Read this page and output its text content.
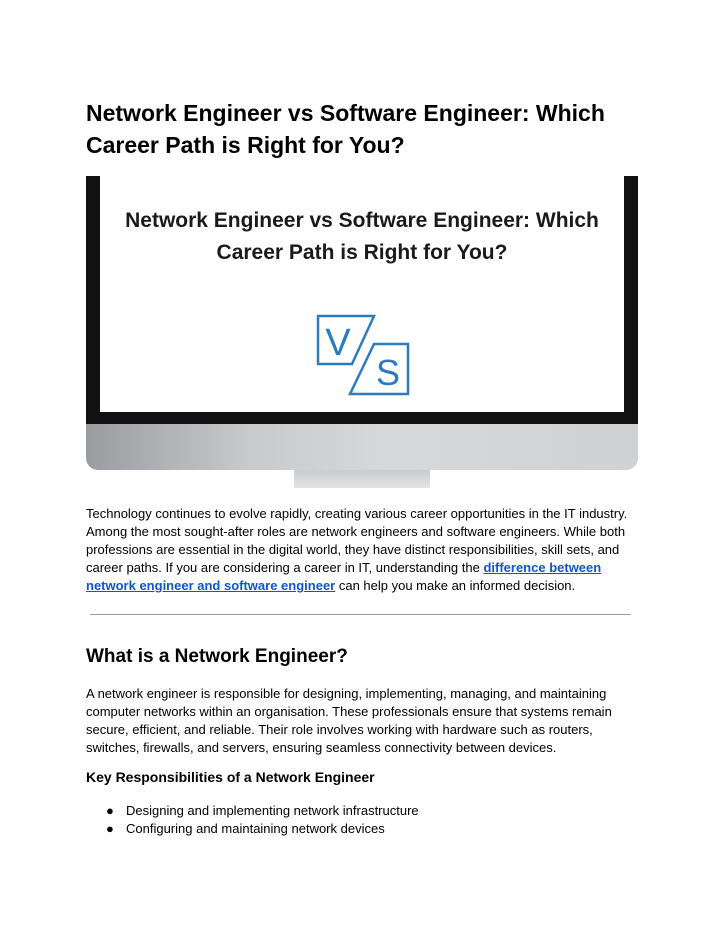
Network Engineer vs Software Engineer: Which Career Path is Right for You?

Network Engineer vs Software Engineer: Which Career Path is Right for You?

V
S

Technology continues to evolve rapidly, creating various career opportunities in the IT industry. Among the most sought-after roles are network engineers and software engineers. While both professions are essential in the digital world, they have distinct responsibilities, skill sets, and career paths. If you are considering a career in IT, understanding the difference between network engineer and software engineer can help you make an informed decision.

What is a Network Engineer?

A network engineer is responsible for designing, implementing, managing, and maintaining computer networks within an organisation. These professionals ensure that systems remain secure, efficient, and reliable. Their role involves working with hardware such as routers, switches, firewalls, and servers, ensuring seamless connectivity between devices.

Key Responsibilities of a Network Engineer
● Designing and implementing network infrastructure
● Configuring and maintaining network devices
